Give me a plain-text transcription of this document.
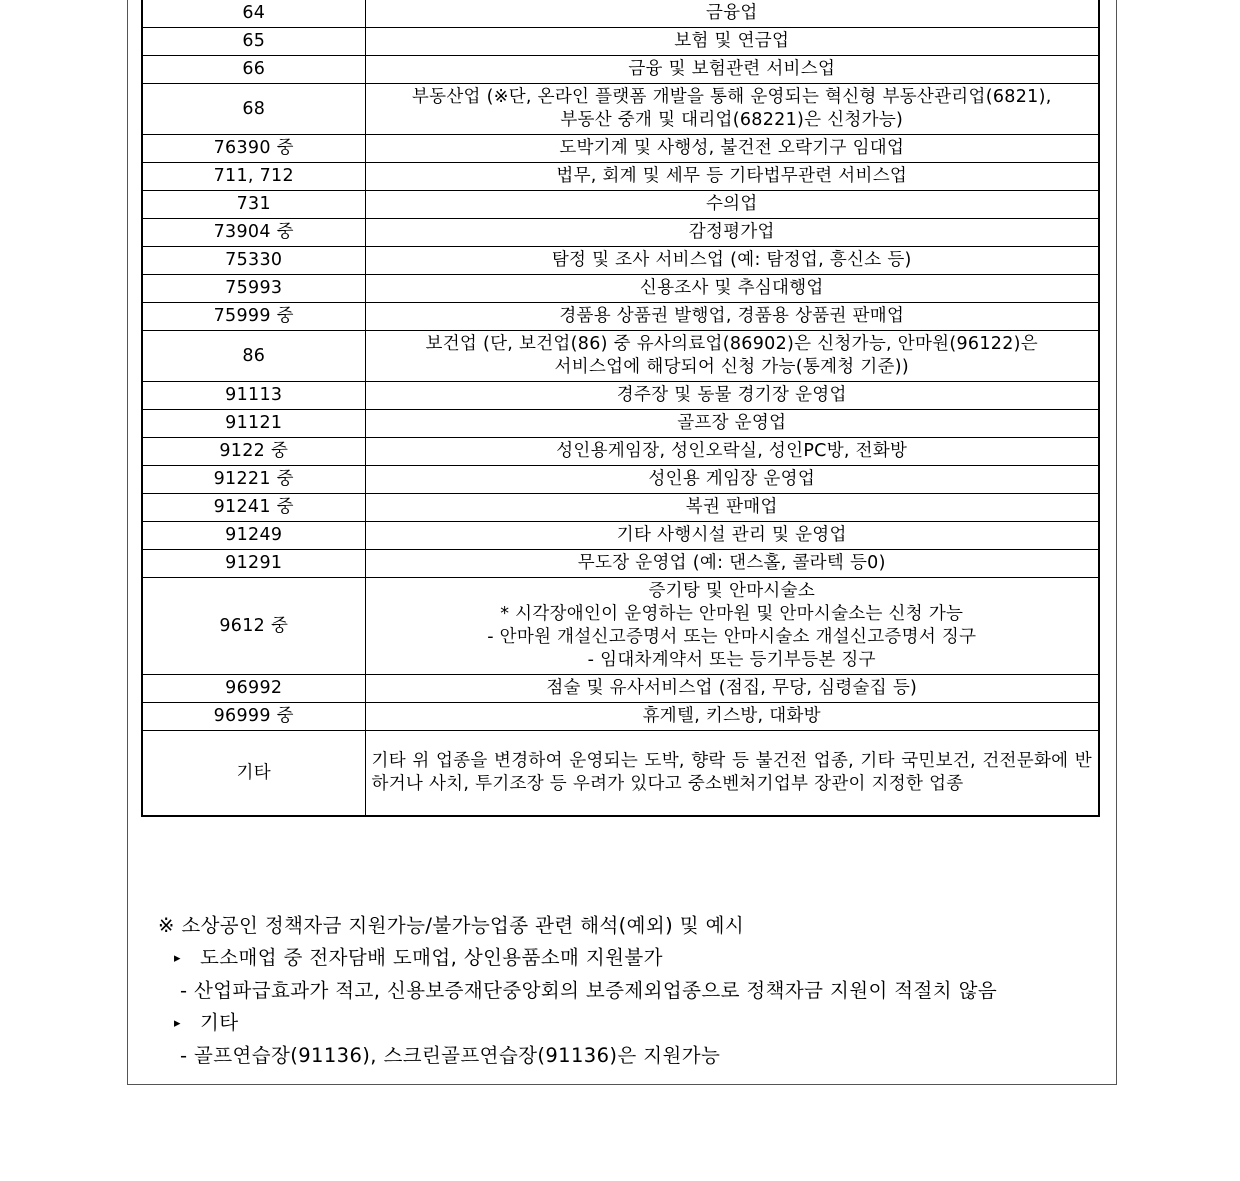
64	금융업

65	보험 및 연금업

66	금융 및 보험관련 서비스업

68	부동산업 (※단, 온라인 플랫폼 개발을 통해 운영되는 혁신형 부동산관리업(6821),
부동산 중개 및 대리업(68221)은 신청가능)

76390 중	도박기계 및 사행성, 불건전 오락기구 임대업

711, 712	법무, 회계 및 세무 등 기타법무관련 서비스업

731	수의업

73904 중	감정평가업

75330	탐정 및 조사 서비스업 (예: 탐정업, 흥신소 등)

75993	신용조사 및 추심대행업

75999 중	경품용 상품권 발행업, 경품용 상품권 판매업

86	보건업 (단, 보건업(86) 중 유사의료업(86902)은 신청가능, 안마원(96122)은
서비스업에 해당되어 신청 가능(통계청 기준))

91113	경주장 및 동물 경기장 운영업

91121	골프장 운영업

9122 중	성인용게임장, 성인오락실, 성인PC방, 전화방

91221 중	성인용 게임장 운영업

91241 중	복권 판매업

91249	기타 사행시설 관리 및 운영업

91291	무도장 운영업 (예: 댄스홀, 콜라텍 등0)

9612 중	증기탕 및 안마시술소
* 시각장애인이 운영하는 안마원 및 안마시술소는 신청 가능
- 안마원 개설신고증명서 또는 안마시술소 개설신고증명서 징구
- 임대차계약서 또는 등기부등본 징구

96992	점술 및 유사서비스업 (점집, 무당, 심령술집 등)

96999 중	휴게텔, 키스방, 대화방

기타	기타 위 업종을 변경하여 운영되는 도박, 향락 등 불건전 업종, 기타 국민보건, 건전문화에 반하거나 사치, 투기조장 등 우려가 있다고 중소벤처기업부 장관이 지정한 업종
※ 소상공인 정책자금 지원가능/불가능업종 관련 해석(예외) 및 예시
▸ 도소매업 중 전자담배 도매업, 상인용품소매 지원불가
- 산업파급효과가 적고, 신용보증재단중앙회의 보증제외업종으로 정책자금 지원이 적절치 않음
▸ 기타
- 골프연습장(91136), 스크린골프연습장(91136)은 지원가능
